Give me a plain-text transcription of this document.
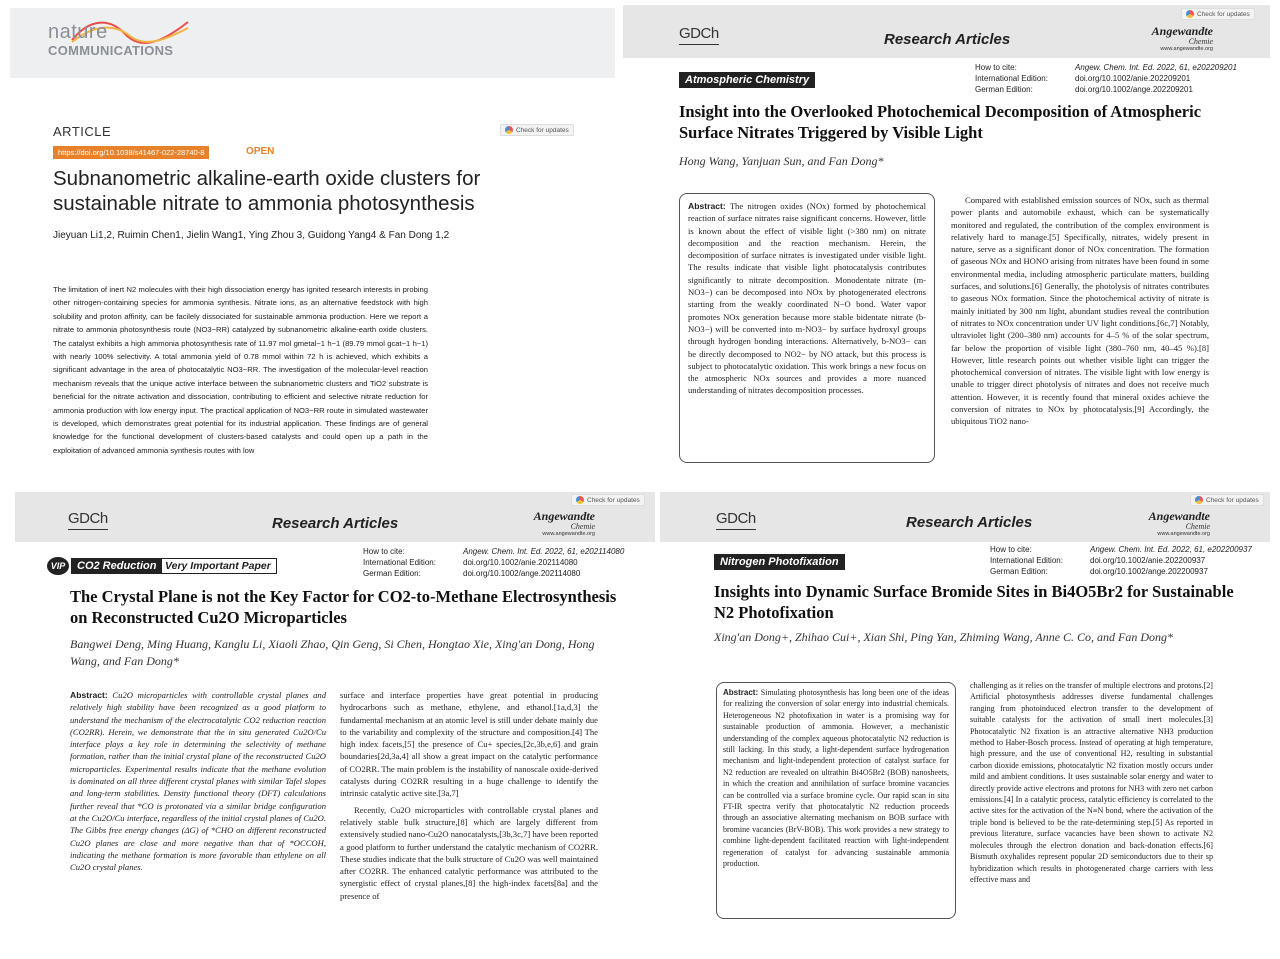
nature
COMMUNICATIONS
ARTICLE	Check for updates
https://doi.org/10.1038/s41467-022-28740-8	OPEN
Subnanometric alkaline-earth oxide clusters for sustainable nitrate to ammonia photosynthesis
Jieyuan Li1,2, Ruimin Chen1, Jielin Wang1, Ying Zhou 3, Guidong Yang4 & Fan Dong 1,2
The limitation of inert N2 molecules with their high dissociation energy has ignited research interests in probing other nitrogen-containing species for ammonia synthesis. Nitrate ions, as an alternative feedstock with high solubility and proton affinity, can be facilely dissociated for sustainable ammonia production. Here we report a nitrate to ammonia photosynthesis route (NO3−RR) catalyzed by subnanometric alkaline-earth oxide clusters. The catalyst exhibits a high ammonia photosynthesis rate of 11.97 mol gmetal−1 h−1 (89.79 mmol gcat−1 h−1) with nearly 100% selectivity. A total ammonia yield of 0.78 mmol within 72 h is achieved, which exhibits a significant advantage in the area of photocatalytic NO3−RR. The investigation of the molecular-level reaction mechanism reveals that the unique active interface between the subnanometric clusters and TiO2 substrate is beneficial for the nitrate activation and dissociation, contributing to efficient and selective nitrate reduction for ammonia production with low energy input. The practical application of NO3−RR route in simulated wastewater is developed, which demonstrates great potential for its industrial application. These findings are of general knowledge for the functional development of clusters-based catalysts and could open up a path in the exploitation of advanced ammonia synthesis routes with low
GDCh	Research Articles	Angewandte
Chemie
www.angewandte.org
Check for updates
How to cite:	Angew. Chem. Int. Ed. 2022, 61, e202209201
International Edition:	doi.org/10.1002/anie.202209201
German Edition:	doi.org/10.1002/ange.202209201
Atmospheric Chemistry
Insight into the Overlooked Photochemical Decomposition of Atmospheric Surface Nitrates Triggered by Visible Light
Hong Wang, Yanjuan Sun, and Fan Dong*
Abstract: The nitrogen oxides (NOx) formed by photochemical reaction of surface nitrates raise significant concerns. However, little is known about the effect of visible light (>380 nm) on nitrate decomposition and the reaction mechanism. Herein, the decomposition of surface nitrates is investigated under visible light. The results indicate that visible light photocatalysis contributes significantly to nitrate decomposition. Monodentate nitrate (m-NO3−) can be decomposed into NOx by photogenerated electrons starting from the weakly coordinated N−O bond. Water vapor promotes NOx generation because more stable bidentate nitrate (b-NO3−) will be converted into m-NO3− by surface hydroxyl groups through hydrogen bonding interactions. Alternatively, b-NO3− can be directly decomposed to NO2− by NO attack, but this process is subject to photocatalytic oxidation. This work brings a new focus on the atmospheric NOx sources and provides a more nuanced understanding of nitrates decomposition processes.
Compared with established emission sources of NOx, such as thermal power plants and automobile exhaust, which can be systematically monitored and regulated, the contribution of the complex environment is relatively hard to manage.[5] Specifically, nitrates, widely present in nature, serve as a significant donor of NOx concentration. The formation of gaseous NOx and HONO arising from nitrates have been found in some environmental media, including atmospheric particulate matters, building surfaces, and solutions.[6] Generally, the photolysis of nitrates contributes to gaseous NOx formation. Since the photochemical activity of nitrate is mainly initiated by 300 nm light, abundant studies reveal the contribution of nitrates to NOx concentration under UV light conditions.[6c,7] Notably, ultraviolet light (200–380 nm) accounts for 4–5 % of the solar spectrum, far below the proportion of visible light (380–760 nm, 40–45 %).[8] However, little research points out whether visible light can trigger the photochemical conversion of nitrates. The visible light with low energy is unable to trigger direct photolysis of nitrates and does not receive much attention. However, it is recently found that mineral oxides achieve the conversion of nitrates to NOx by photocatalysis.[9] Accordingly, the ubiquitous TiO2 nano-
GDCh	Research Articles	Angewandte
Chemie
www.angewandte.org
Check for updates
How to cite:	Angew. Chem. Int. Ed. 2022, 61, e202114080
International Edition:	doi.org/10.1002/anie.202114080
German Edition:	doi.org/10.1002/ange.202114080
VIP	CO2 Reduction Very Important Paper
The Crystal Plane is not the Key Factor for CO2-to-Methane Electrosynthesis on Reconstructed Cu2O Microparticles
Bangwei Deng, Ming Huang, Kanglu Li, Xiaoli Zhao, Qin Geng, Si Chen, Hongtao Xie, Xing'an Dong, Hong Wang, and Fan Dong*
Abstract: Cu2O microparticles with controllable crystal planes and relatively high stability have been recognized as a good platform to understand the mechanism of the electrocatalytic CO2 reduction reaction (CO2RR). Herein, we demonstrate that the in situ generated Cu2O/Cu interface plays a key role in determining the selectivity of methane formation, rather than the initial crystal plane of the reconstructed Cu2O microparticles. Experimental results indicate that the methane evolution is dominated on all three different crystal planes with similar Tafel slopes and long-term stabilities. Density functional theory (DFT) calculations further reveal that *CO is protonated via a similar bridge configuration at the Cu2O/Cu interface, regardless of the initial crystal planes of Cu2O. The Gibbs free energy changes (ΔG) of *CHO on different reconstructed Cu2O planes are close and more negative than that of *OCCOH, indicating the methane formation is more favorable than ethylene on all Cu2O crystal planes.
surface and interface properties have great potential in producing hydrocarbons such as methane, ethylene, and ethanol.[1a,d,3] the fundamental mechanism at an atomic level is still under debate mainly due to the variability and complexity of the structure and composition.[4] The high index facets,[5] the presence of Cu+ species,[2c,3b,e,6] and grain boundaries[2d,3a,4] all show a great impact on the catalytic performance of CO2RR. The main problem is the instability of nanoscale oxide-derived catalysts during CO2RR resulting in a huge challenge to identify the intrinsic catalytic active site.[3a,7]
Recently, Cu2O microparticles with controllable crystal planes and relatively stable bulk structure,[8] which are largely different from extensively studied nano-Cu2O nanocatalysts,[3b,3c,7] have been reported a good platform to further understand the catalytic mechanism of CO2RR. These studies indicate that the bulk structure of Cu2O was well maintained after CO2RR. The enhanced catalytic performance was attributed to the synergistic effect of crystal planes,[8] the high-index facets[8a] and the presence of
GDCh	Research Articles	Angewandte
Chemie
www.angewandte.org
Check for updates
How to cite:	Angew. Chem. Int. Ed. 2022, 61, e202200937
International Edition:	doi.org/10.1002/anie.202200937
German Edition:	doi.org/10.1002/ange.202200937
Nitrogen Photofixation
Insights into Dynamic Surface Bromide Sites in Bi4O5Br2 for Sustainable N2 Photofixation
Xing'an Dong+, Zhihao Cui+, Xian Shi, Ping Yan, Zhiming Wang, Anne C. Co, and Fan Dong*
Abstract: Simulating photosynthesis has long been one of the ideas for realizing the conversion of solar energy into industrial chemicals. Heterogeneous N2 photofixation in water is a promising way for sustainable production of ammonia. However, a mechanistic understanding of the complex aqueous photocatalytic N2 reduction is still lacking. In this study, a light-dependent surface hydrogenation mechanism and light-independent protection of catalyst surface for N2 reduction are revealed on ultrathin Bi4O5Br2 (BOB) nanosheets, in which the creation and annihilation of surface bromine vacancies can be controlled via a surface bromine cycle. Our rapid scan in situ FT-IR spectra verify that photocatalytic N2 reduction proceeds through an associative alternating mechanism on BOB surface with bromine vacancies (BrV-BOB). This work provides a new strategy to combine light-dependent facilitated reaction with light-independent regeneration of catalyst for advancing sustainable ammonia production.
challenging as it relies on the transfer of multiple electrons and protons.[2] Artificial photosynthesis addresses diverse fundamental challenges ranging from photoinduced electron transfer to the development of suitable catalysts for the activation of small inert molecules.[3] Photocatalytic N2 fixation is an attractive alternative NH3 production method to Haber-Bosch process. Instead of operating at high temperature, high pressure, and the use of conventional H2, resulting in substantial carbon dioxide emissions, photocatalytic N2 fixation mostly occurs under mild and ambient conditions. It uses sustainable solar energy and water to directly provide active electrons and protons for NH3 with zero net carbon emissions.[4] In a catalytic process, catalytic efficiency is correlated to the active sites for the activation of the N≡N bond, where the activation of the triple bond is believed to be the rate-determining step.[5] As reported in previous literature, surface vacancies have been shown to activate N2 molecules through the electron donation and back-donation effects.[6] Bismuth oxyhalides represent popular 2D semiconductors due to their sp hybridization which results in photogenerated charge carriers with less effective mass and
